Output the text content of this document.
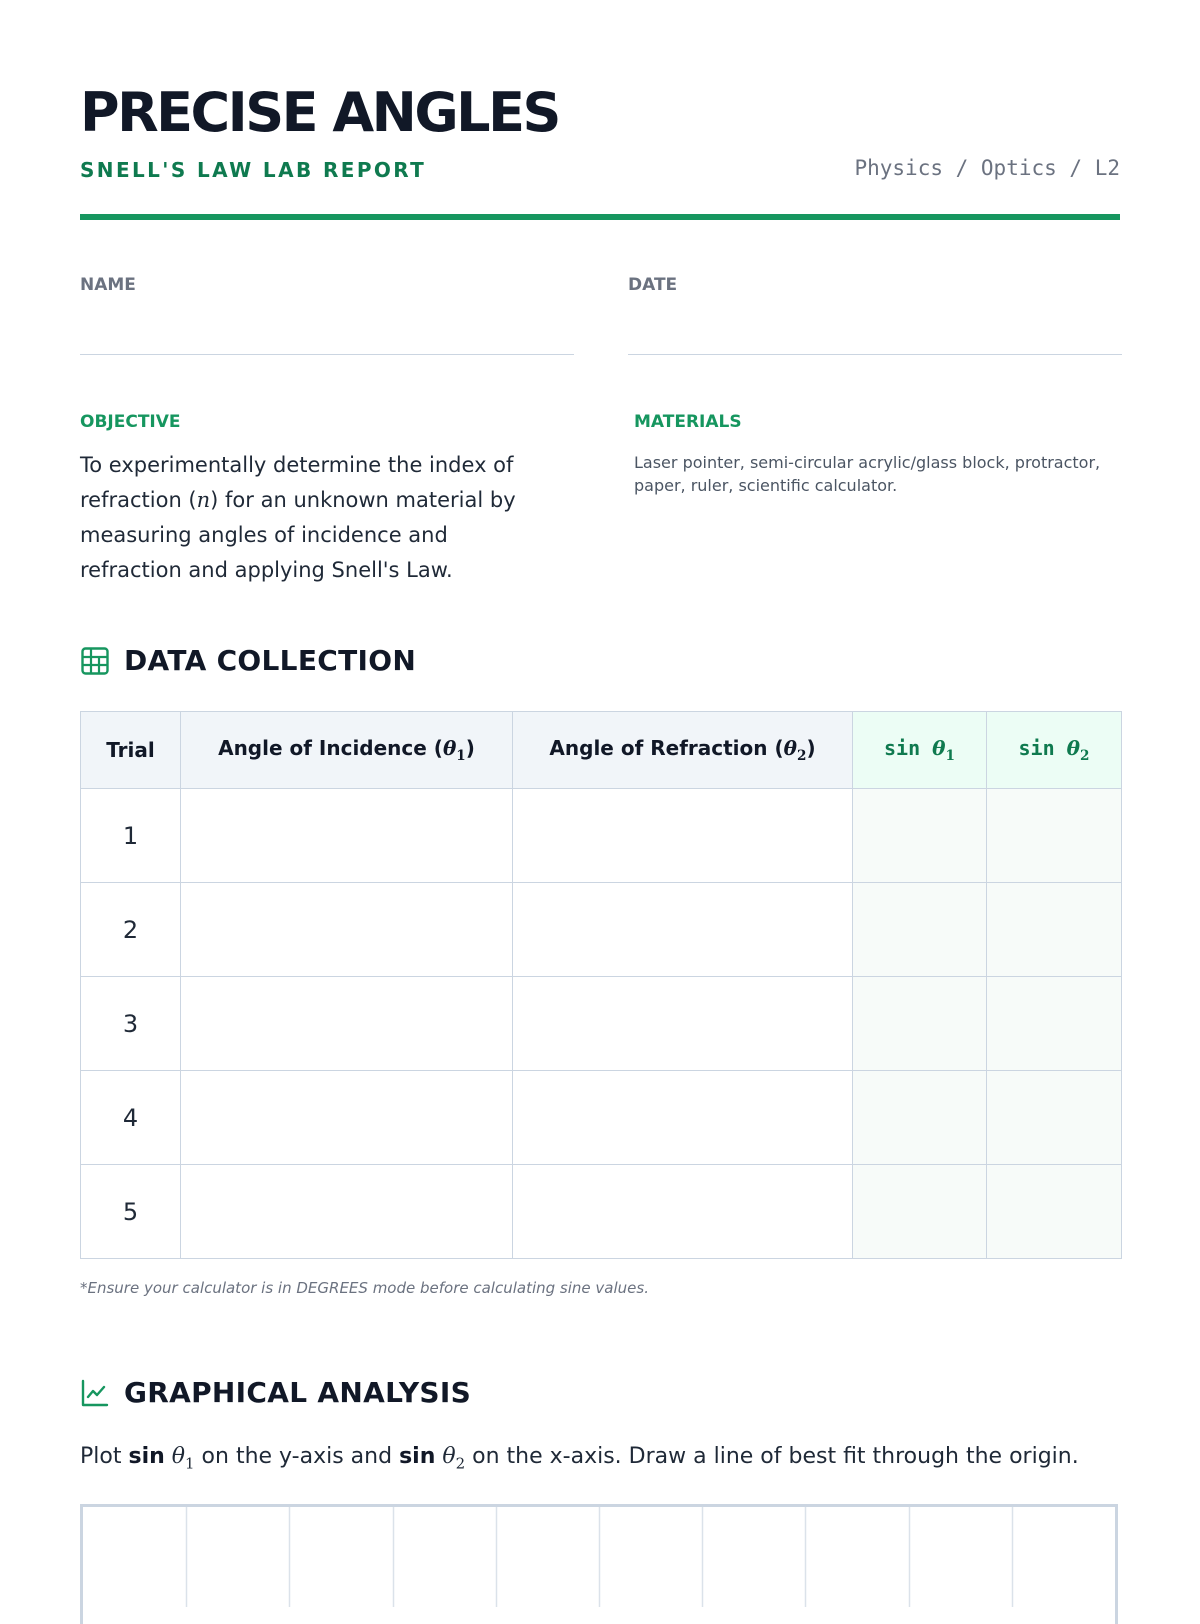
PRECISE ANGLES
SNELL'S LAW LAB REPORT	Physics / Optics / L2
NAME	DATE
OBJECTIVE

To experimentally determine the index of refraction (n) for an unknown material by measuring angles of incidence and refraction and applying Snell's Law.

MATERIALS

Laser pointer, semi-circular acrylic/glass block, protractor, paper, ruler, scientific calculator.

DATA COLLECTION
Trial	Angle of Incidence $(\theta_1)$	Angle of Refraction $(\theta_2)$	$\sin \theta_1$	$\sin \theta_2$
1				
2				
3				
4				
5				
*Ensure your calculator is in DEGREES mode before calculating sine values.
GRAPHICAL ANALYSIS
Plot $\sin \theta_1$ on the y-axis and $\sin \theta_2$ on the x-axis. Draw a line of best fit through the origin.
